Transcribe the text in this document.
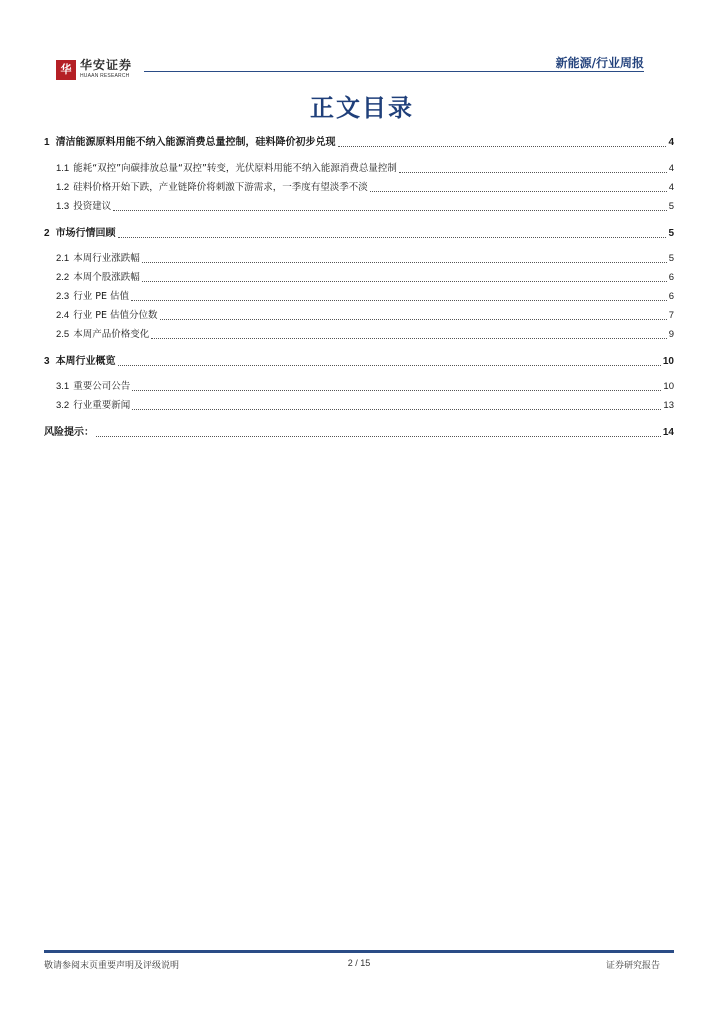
华 华安证券
HUAAN RESEARCH
新能源/行业周报
正文目录
1 清洁能源原料用能不纳入能源消费总量控制，硅料降价初步兑现	4
1.1 能耗“双控”向碳排放总量“双控”转变，光伏原料用能不纳入能源消费总量控制	4
1.2 硅料价格开始下跌，产业链降价将刺激下游需求，一季度有望淡季不淡	4
1.3 投资建议	5
2 市场行情回顾	5
2.1 本周行业涨跌幅	5
2.2 本周个股涨跌幅	6
2.3 行业 PE 估值	6
2.4 行业 PE 估值分位数	7
2.5 本周产品价格变化	9
3 本周行业概览	10
3.1 重要公司公告	10
3.2 行业重要新闻	13
风险提示：	14
敬请参阅末页重要声明及评级说明	2 / 15	证券研究报告
